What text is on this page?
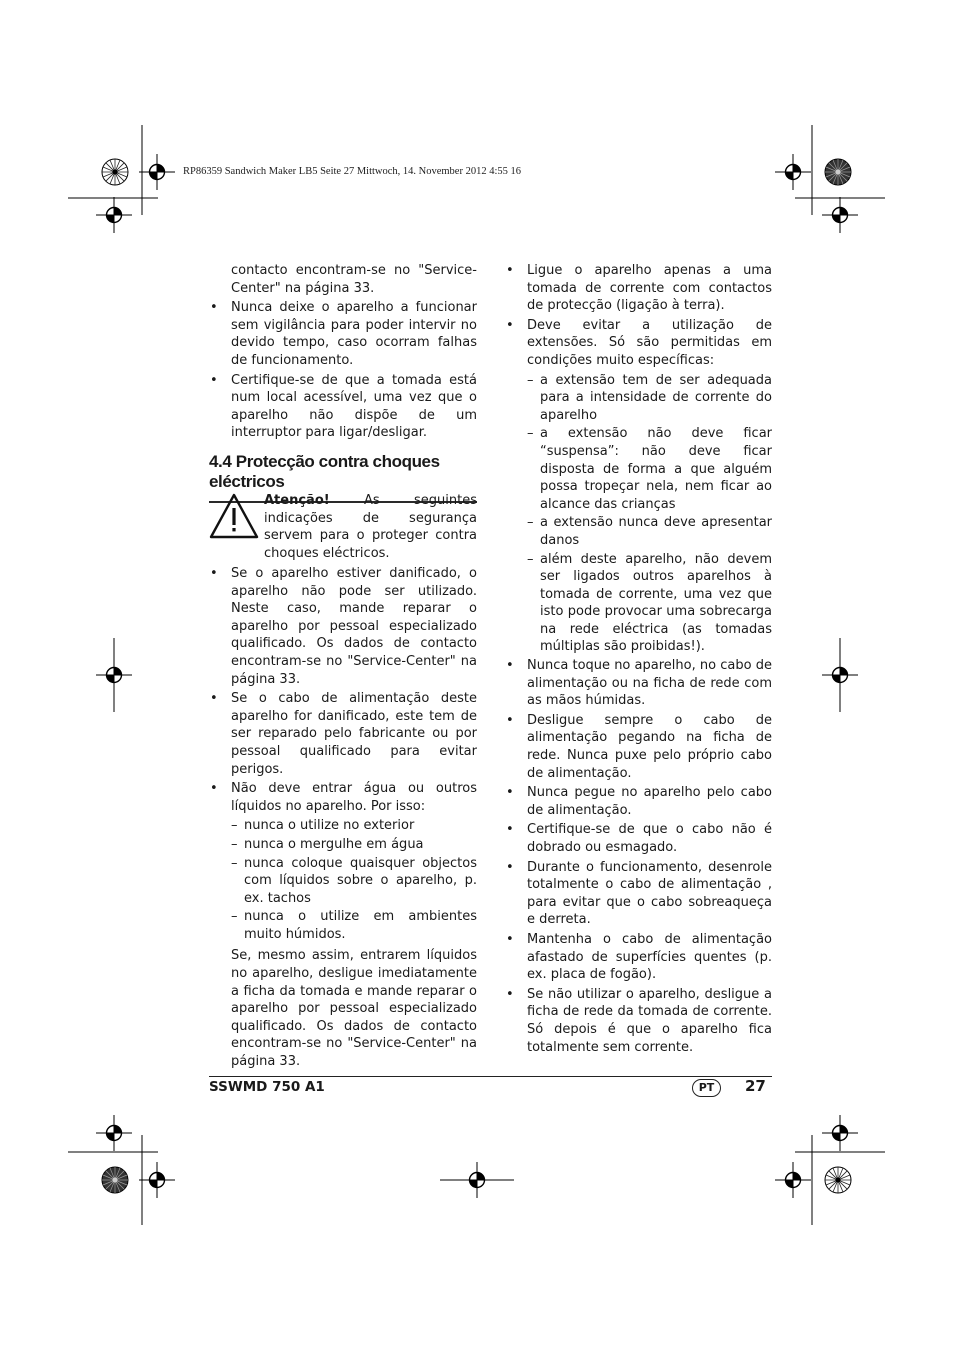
RP86359 Sandwich Maker LB5 Seite 27 Mittwoch, 14. November 2012 4:55 16

contacto encontram-se no "Service-Center" na página 33.

• Nunca deixe o aparelho a funcionar sem vigilância para poder intervir no devido tempo, caso ocorram falhas de funcionamento.
• Certifique-se de que a tomada está num local acessível, uma vez que o aparelho não dispõe de um interruptor para ligar/desligar.
4.4 Protecção contra choques eléctricos
Atenção! As seguintes indicações de segurança servem para o proteger contra choques eléctricos.
• Se o aparelho estiver danificado, o aparelho não pode ser utilizado. Neste caso, mande reparar o aparelho por pessoal especializado qualificado. Os dados de contacto encontram-se no "Service-Center" na página 33.
• Se o cabo de alimentação deste aparelho for danificado, este tem de ser reparado pelo fabricante ou por pessoal qualificado para evitar perigos.
• Não deve entrar água ou outros líquidos no aparelho. Por isso:
– nunca o utilize no exterior
– nunca o mergulhe em água
– nunca coloque quaisquer objectos com líquidos sobre o aparelho, p. ex. tachos
– nunca o utilize em ambientes muito húmidos.

Se, mesmo assim, entrarem líquidos no aparelho, desligue imediatamente a ficha da tomada e mande reparar o aparelho por pessoal especializado qualificado. Os dados de contacto encontram-se no "Service-Center" na página 33.

• Ligue o aparelho apenas a uma tomada de corrente com contactos de protecção (ligação à terra).
• Deve evitar a utilização de extensões. Só são permitidas em condições muito específicas:
– a extensão tem de ser adequada para a intensidade de corrente do aparelho
– a extensão não deve ficar “suspensa”: não deve ficar disposta de forma a que alguém possa tropeçar nela, nem ficar ao alcance das crianças
– a extensão nunca deve apresentar danos
– além deste aparelho, não devem ser ligados outros aparelhos à tomada de corrente, uma vez que isto pode provocar uma sobrecarga na rede eléctrica (as tomadas múltiplas são proibidas!).
• Nunca toque no aparelho, no cabo de alimentação ou na ficha de rede com as mãos húmidas.
• Desligue sempre o cabo de alimentação pegando na ficha de rede. Nunca puxe pelo próprio cabo de alimentação.
• Nunca pegue no aparelho pelo cabo de alimentação.
• Certifique-se de que o cabo não é dobrado ou esmagado.
• Durante o funcionamento, desenrole totalmente o cabo de alimentação , para evitar que o cabo sobreaqueça e derreta.
• Mantenha o cabo de alimentação afastado de superfícies quentes (p. ex. placa de fogão).
• Se não utilizar o aparelho, desligue a ficha de rede da tomada de corrente. Só depois é que o aparelho fica totalmente sem corrente.
SSWMD 750 A1	PT	27
